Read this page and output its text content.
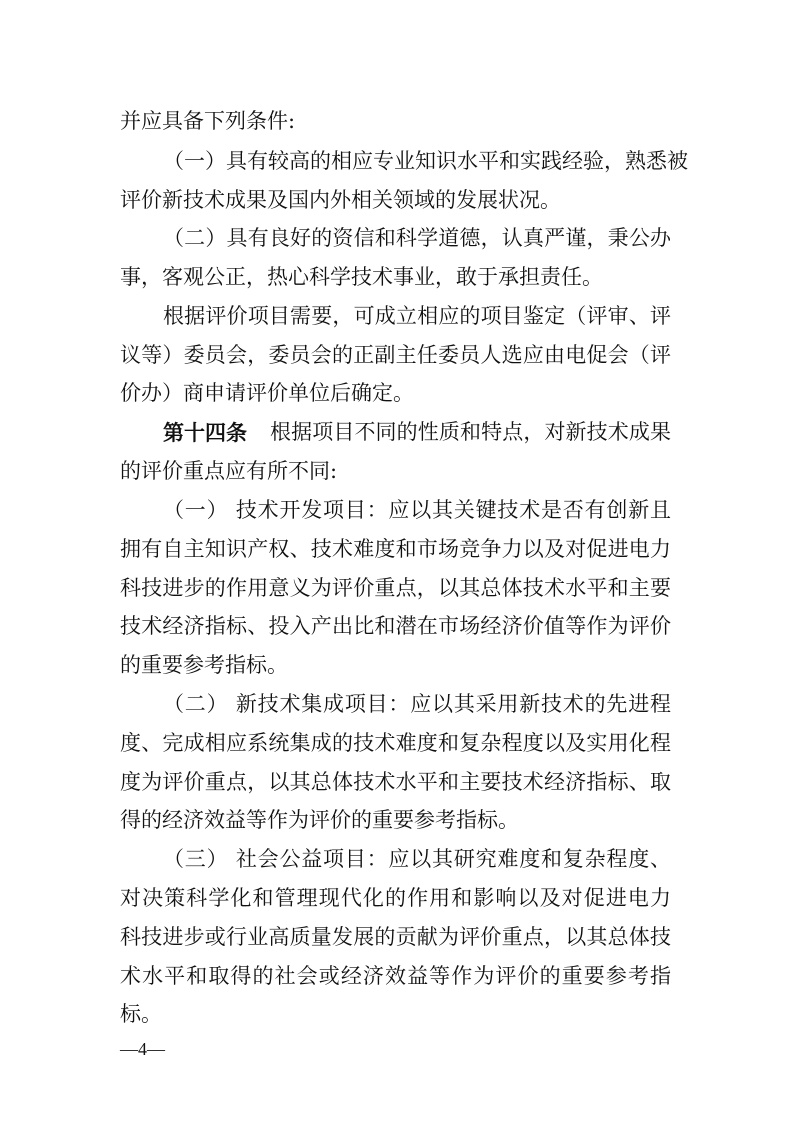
并应具备下列条件:
（一）具有较高的相应专业知识水平和实践经验，熟悉被
评价新技术成果及国内外相关领域的发展状况。
（二）具有良好的资信和科学道德，认真严谨，秉公办
事，客观公正，热心科学技术事业，敢于承担责任。
根据评价项目需要，可成立相应的项目鉴定（评审、评
议等）委员会，委员会的正副主任委员人选应由电促会（评
价办）商申请评价单位后确定。
第十四条	根据项目不同的性质和特点，对新技术成果
的评价重点应有所不同:
（一） 技术开发项目：应以其关键技术是否有创新且
拥有自主知识产权、技术难度和市场竞争力以及对促进电力
科技进步的作用意义为评价重点，以其总体技术水平和主要
技术经济指标、投入产出比和潜在市场经济价值等作为评价
的重要参考指标。
（二） 新技术集成项目：应以其采用新技术的先进程
度、完成相应系统集成的技术难度和复杂程度以及实用化程
度为评价重点，以其总体技术水平和主要技术经济指标、取
得的经济效益等作为评价的重要参考指标。
（三） 社会公益项目：应以其研究难度和复杂程度、
对决策科学化和管理现代化的作用和影响以及对促进电力
科技进步或行业高质量发展的贡献为评价重点，以其总体技
术水平和取得的社会或经济效益等作为评价的重要参考指
标。
—4—
